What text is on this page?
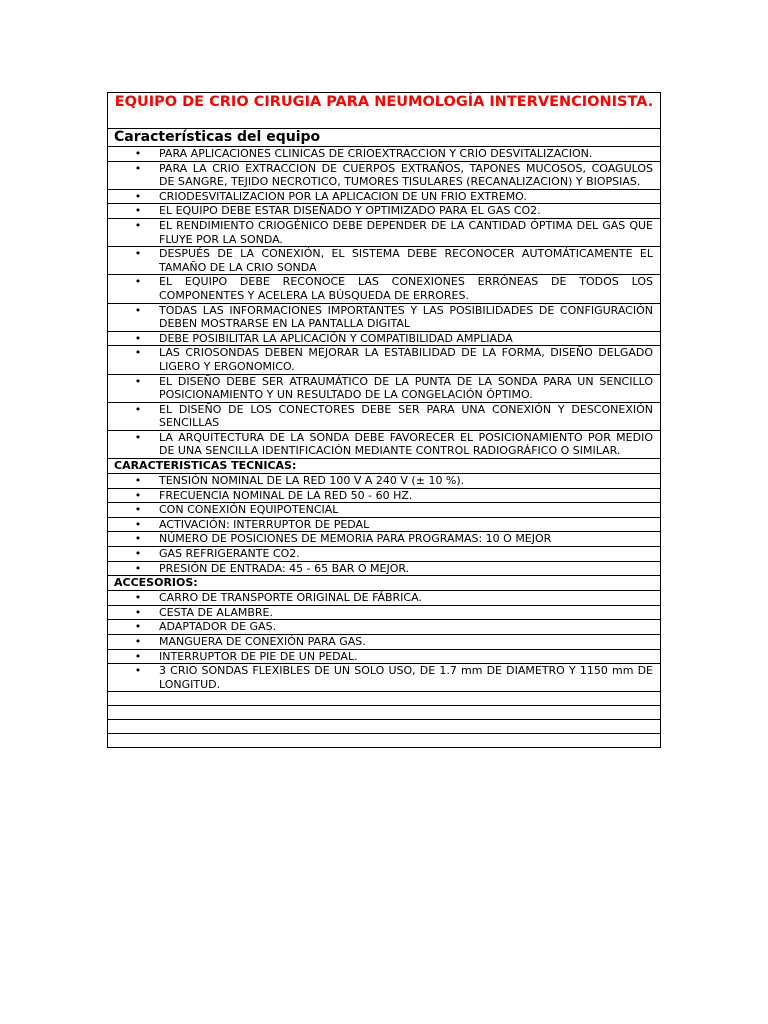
EQUIPO DE CRIO CIRUGIA PARA NEUMOLOGÍA INTERVENCIONISTA.

Características del equipo

•
PARA APLICACIONES CLINICAS DE CRIOEXTRACCION Y CRIO DESVITALIZACION.

•
PARA LA CRIO EXTRACCION DE CUERPOS EXTRAÑOS, TAPONES MUCOSOS, COAGULOS DE SANGRE, TEJIDO NECROTICO, TUMORES TISULARES (RECANALIZACION) Y BIOPSIAS.

•
CRIODESVITALIZACION POR LA APLICACION DE UN FRIO EXTREMO.

•
EL EQUIPO DEBE ESTAR DISEÑADO Y OPTIMIZADO PARA EL GAS CO2.

•
EL RENDIMIENTO CRIOGÉNICO DEBE DEPENDER DE LA CANTIDAD ÓPTIMA DEL GAS QUE FLUYE POR LA SONDA.

•
DESPUÉS DE LA CONEXIÓN, EL SISTEMA DEBE RECONOCER AUTOMÁTICAMENTE EL TAMAÑO DE LA CRIO SONDA

•
EL EQUIPO DEBE RECONOCE LAS CONEXIONES ERRÓNEAS DE TODOS LOS COMPONENTES Y ACELERA LA BÚSQUEDA DE ERRORES.

•
TODAS LAS INFORMACIONES IMPORTANTES Y LAS POSIBILIDADES DE CONFIGURACIÓN DEBEN MOSTRARSE EN LA PANTALLA DIGITAL

•
DEBE POSIBILITAR LA APLICACIÓN Y COMPATIBILIDAD AMPLIADA

•
LAS CRIOSONDAS DEBEN MEJORAR LA ESTABILIDAD DE LA FORMA, DISEÑO DELGADO LIGERO Y ERGONOMICO.

•
EL DISEÑO DEBE SER ATRAUMÁTICO DE LA PUNTA DE LA SONDA PARA UN SENCILLO POSICIONAMIENTO Y UN RESULTADO DE LA CONGELACIÓN ÓPTIMO.

•
EL DISEÑO DE LOS CONECTORES DEBE SER PARA UNA CONEXIÓN Y DESCONEXIÓN SENCILLAS

•
LA ARQUITECTURA DE LA SONDA DEBE FAVORECER EL POSICIONAMIENTO POR MEDIO DE UNA SENCILLA IDENTIFICACIÓN MEDIANTE CONTROL RADIOGRÁFICO O SIMILAR.

CARACTERISTICAS TECNICAS:

•
TENSIÓN NOMINAL DE LA RED 100 V A 240 V (± 10 %).

•
FRECUENCIA NOMINAL DE LA RED 50 - 60 HZ.

•
CON CONEXIÓN EQUIPOTENCIAL

•
ACTIVACIÓN: INTERRUPTOR DE PEDAL

•
NÚMERO DE POSICIONES DE MEMORIA PARA PROGRAMAS: 10 O MEJOR

•
GAS REFRIGERANTE CO2.

•
PRESIÓN DE ENTRADA: 45 - 65 BAR O MEJOR.

ACCESORIOS:

•
CARRO DE TRANSPORTE ORIGINAL DE FÁBRICA.

•
CESTA DE ALAMBRE.

•
ADAPTADOR DE GAS.

•
MANGUERA DE CONEXIÓN PARA GAS.

•
INTERRUPTOR DE PIE DE UN PEDAL.

•
3 CRIO SONDAS FLEXIBLES DE UN SOLO USO, DE 1.7 mm DE DIAMETRO Y 1150 mm DE LONGITUD.
